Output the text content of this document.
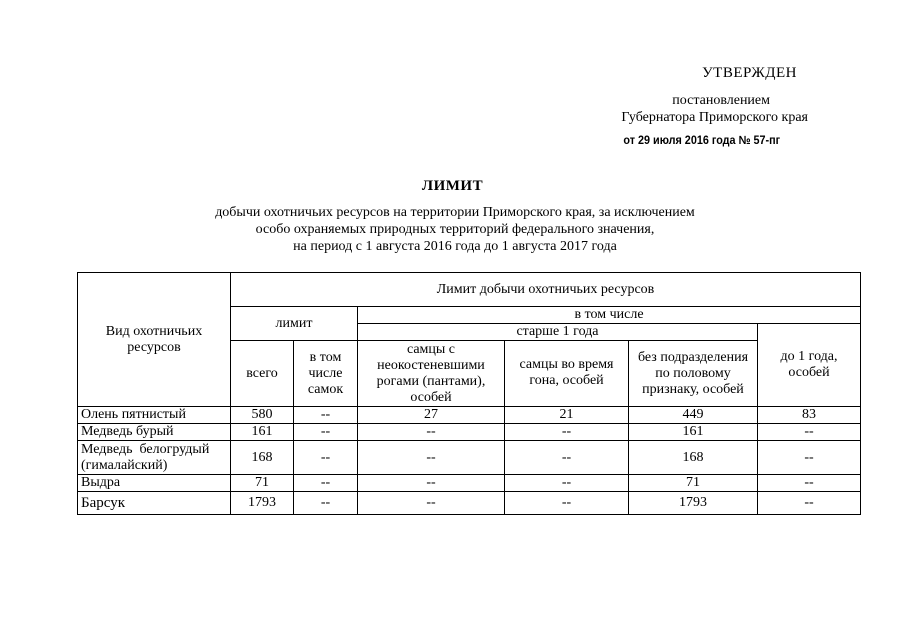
УТВЕРЖДЕН
постановлением
Губернатора Приморского края
от 29 июля 2016 года № 57-пг
ЛИМИТ
добычи охотничьих ресурсов на территории Приморского края, за исключением
особо охраняемых природных территорий федерального значения,
на период с 1 августа 2016 года до 1 августа 2017 года
Вид охотничьих ресурсов	Лимит добычи охотничьих ресурсов					
	лимит		в том числе			
			старше 1 года			до 1 года, особей
			самцы с неокостеневшими рогами (пантами), особей	самцы во время гона, особей	без подразделения по половому признаку, особей	
	всего	в том числе самок				
Олень пятнистый	580	--	27	21	449	83
Медведь бурый	161	--	--	--	161	--
Медведь  белогрудый (гималайский)	168	--	--	--	168	--
Выдра	71	--	--	--	71	--
Барсук	1793	--	--	--	1793	--
